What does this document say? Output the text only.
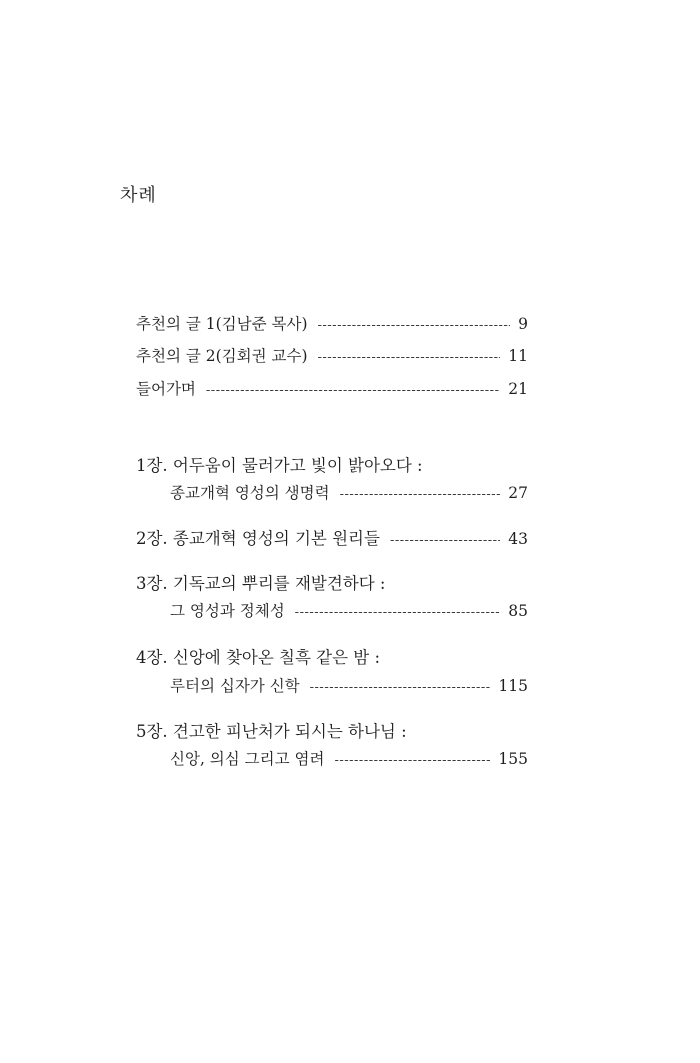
차례
추천의 글 1(김남준 목사) -----	9
추천의 글 2(김회권 교수) -----	11
들어가며 -----	21
1장. 어두움이 물러가고 빛이 밝아오다 :
종교개혁 영성의 생명력 -----	27
2장. 종교개혁 영성의 기본 원리들 -----	43
3장. 기독교의 뿌리를 재발견하다 :
그 영성과 정체성 -----	85
4장. 신앙에 찾아온 칠흑 같은 밤 :
루터의 십자가 신학 -----	115
5장. 견고한 피난처가 되시는 하나님 :
신앙, 의심 그리고 염려 -----	155
